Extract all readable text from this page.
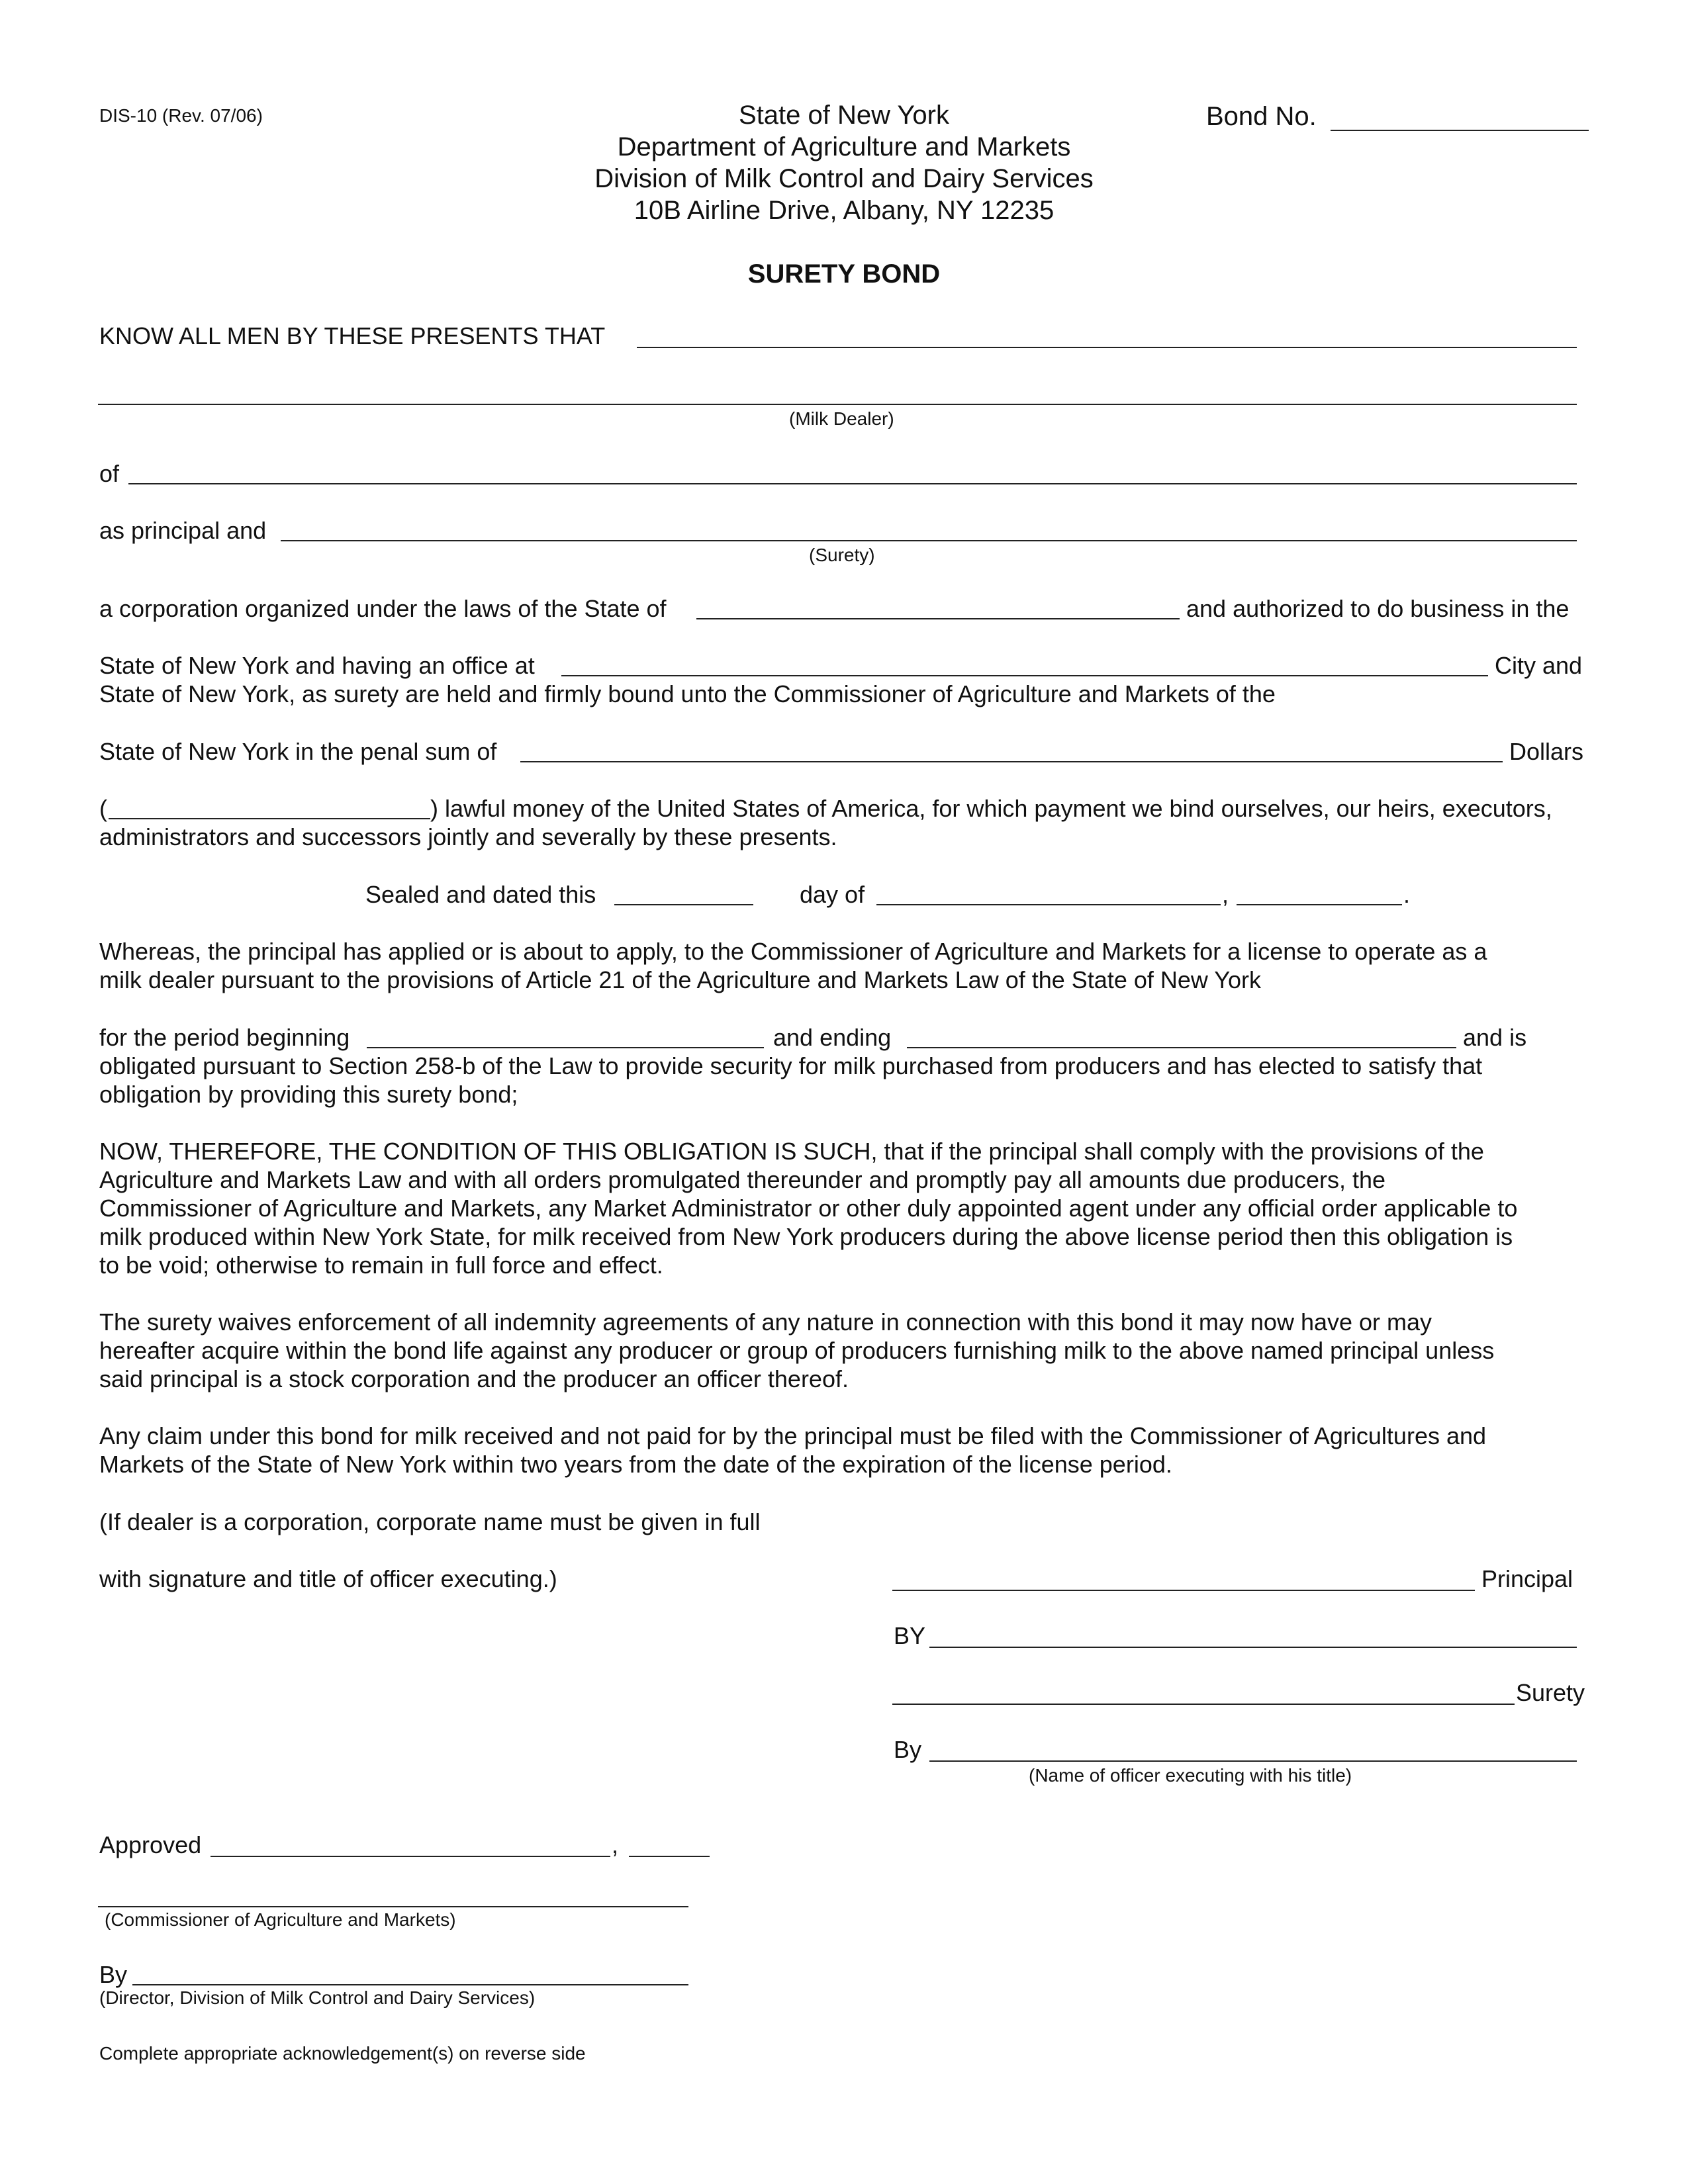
DIS-10 (Rev. 07/06)	State of New York
Department of Agriculture and Markets
Division of Milk Control and Dairy Services
10B Airline Drive, Albany, NY 12235
Bond No.
SURETY BOND
KNOW ALL MEN BY THESE PRESENTS THAT
(Milk Dealer)
of
as principal and
(Surety)
a corporation organized under the laws of the State of	and authorized to do business in the
State of New York and having an office at	City and
State of New York, as surety are held and firmly bound unto the Commissioner of Agriculture and Markets of the
State of New York in the penal sum of	Dollars
(	) lawful money of the United States of America, for which payment we bind ourselves, our heirs, executors,
administrators and successors jointly and severally by these presents.
Sealed and dated this	day of	,	.
Whereas, the principal has applied or is about to apply, to the Commissioner of Agriculture and Markets for a license to operate as a
milk dealer pursuant to the provisions of Article 21 of the Agriculture and Markets Law of the State of New York
for the period beginning	and ending	and is
obligated pursuant to Section 258-b of the Law to provide security for milk purchased from producers and has elected to satisfy that
obligation by providing this surety bond;
NOW, THEREFORE, THE CONDITION OF THIS OBLIGATION IS SUCH, that if the principal shall comply with the provisions of the
Agriculture and Markets Law and with all orders promulgated thereunder and promptly pay all amounts due producers, the
Commissioner of Agriculture and Markets, any Market Administrator or other duly appointed agent under any official order applicable to
milk produced within New York State, for milk received from New York producers during the above license period then this obligation is
to be void; otherwise to remain in full force and effect.
The surety waives enforcement of all indemnity agreements of any nature in connection with this bond it may now have or may
hereafter acquire within the bond life against any producer or group of producers furnishing milk to the above named principal unless
said principal is a stock corporation and the producer an officer thereof.
Any claim under this bond for milk received and not paid for by the principal must be filed with the Commissioner of Agricultures and
Markets of the State of New York within two years from the date of the expiration of the license period.
(If dealer is a corporation, corporate name must be given in full
with signature and title of officer executing.)	Principal
BY
Surety
By
(Name of officer executing with his title)
Approved	,
(Commissioner of Agriculture and Markets)
By
(Director, Division of Milk Control and Dairy Services)
Complete appropriate acknowledgement(s) on reverse side
